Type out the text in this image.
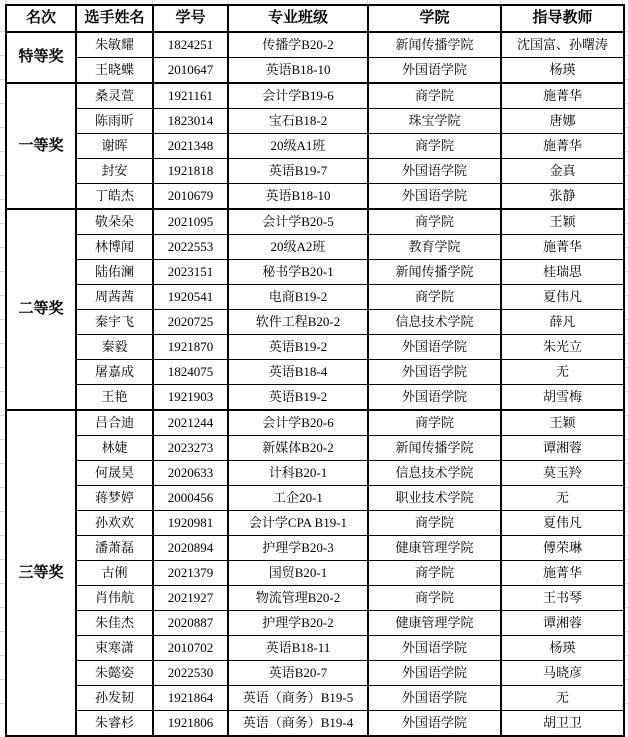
名次	选手姓名	学号	专业班级	学院	指导教师
特等奖	朱敏耀	1824251	传播学B20-2	新闻传播学院	沈国富、孙曙涛
	王晓蝶	2010647	英语B18-10	外国语学院	杨瑛
一等奖	桑灵萱	1921161	会计学B19-6	商学院	施菁华
	陈雨昕	1823014	宝石B18-2	珠宝学院	唐娜
	谢晖	2021348	20级A1班	商学院	施菁华
	封安	1921818	英语B19-7	外国语学院	金真
	丁皓杰	2010679	英语B18-10	外国语学院	张静
二等奖	敬朵朵	2021095	会计学B20-5	商学院	王颖
	林博闻	2022553	20级A2班	教育学院	施菁华
	陆佑澜	2023151	秘书学B20-1	新闻传播学院	桂瑞思
	周茜茜	1920541	电商B19-2	商学院	夏伟凡
	秦宇飞	2020725	软件工程B20-2	信息技术学院	薛凡
	秦毅	1921870	英语B19-2	外国语学院	朱光立
	屠嘉成	1824075	英语B18-4	外国语学院	无
	王艳	1921903	英语B19-2	外国语学院	胡雪梅
三等奖	吕合迪	2021244	会计学B20-6	商学院	王颖
	林婕	2023273	新媒体B20-2	新闻传播学院	谭湘蓉
	何晟昊	2020633	计科B20-1	信息技术学院	莫玉羚
	蒋梦婷	2000456	工企20-1	职业技术学院	无
	孙欢欢	1920981	会计学CPA B19-1	商学院	夏伟凡
	潘萧磊	2020894	护理学B20-3	健康管理学院	傅荣琳
	古俐	2021379	国贸B20-1	商学院	施菁华
	肖伟航	2021927	物流管理B20-2	商学院	王书琴
	朱佳杰	2020887	护理学B20-2	健康管理学院	谭湘蓉
	束寒潇	2010702	英语B18-11	外国语学院	杨瑛
	朱懿姿	2022530	英语B20-7	外国语学院	马晓彦
	孙发韧	1921864	英语（商务）B19-5	外国语学院	无
	朱睿杉	1921806	英语（商务）B19-4	外国语学院	胡卫卫
